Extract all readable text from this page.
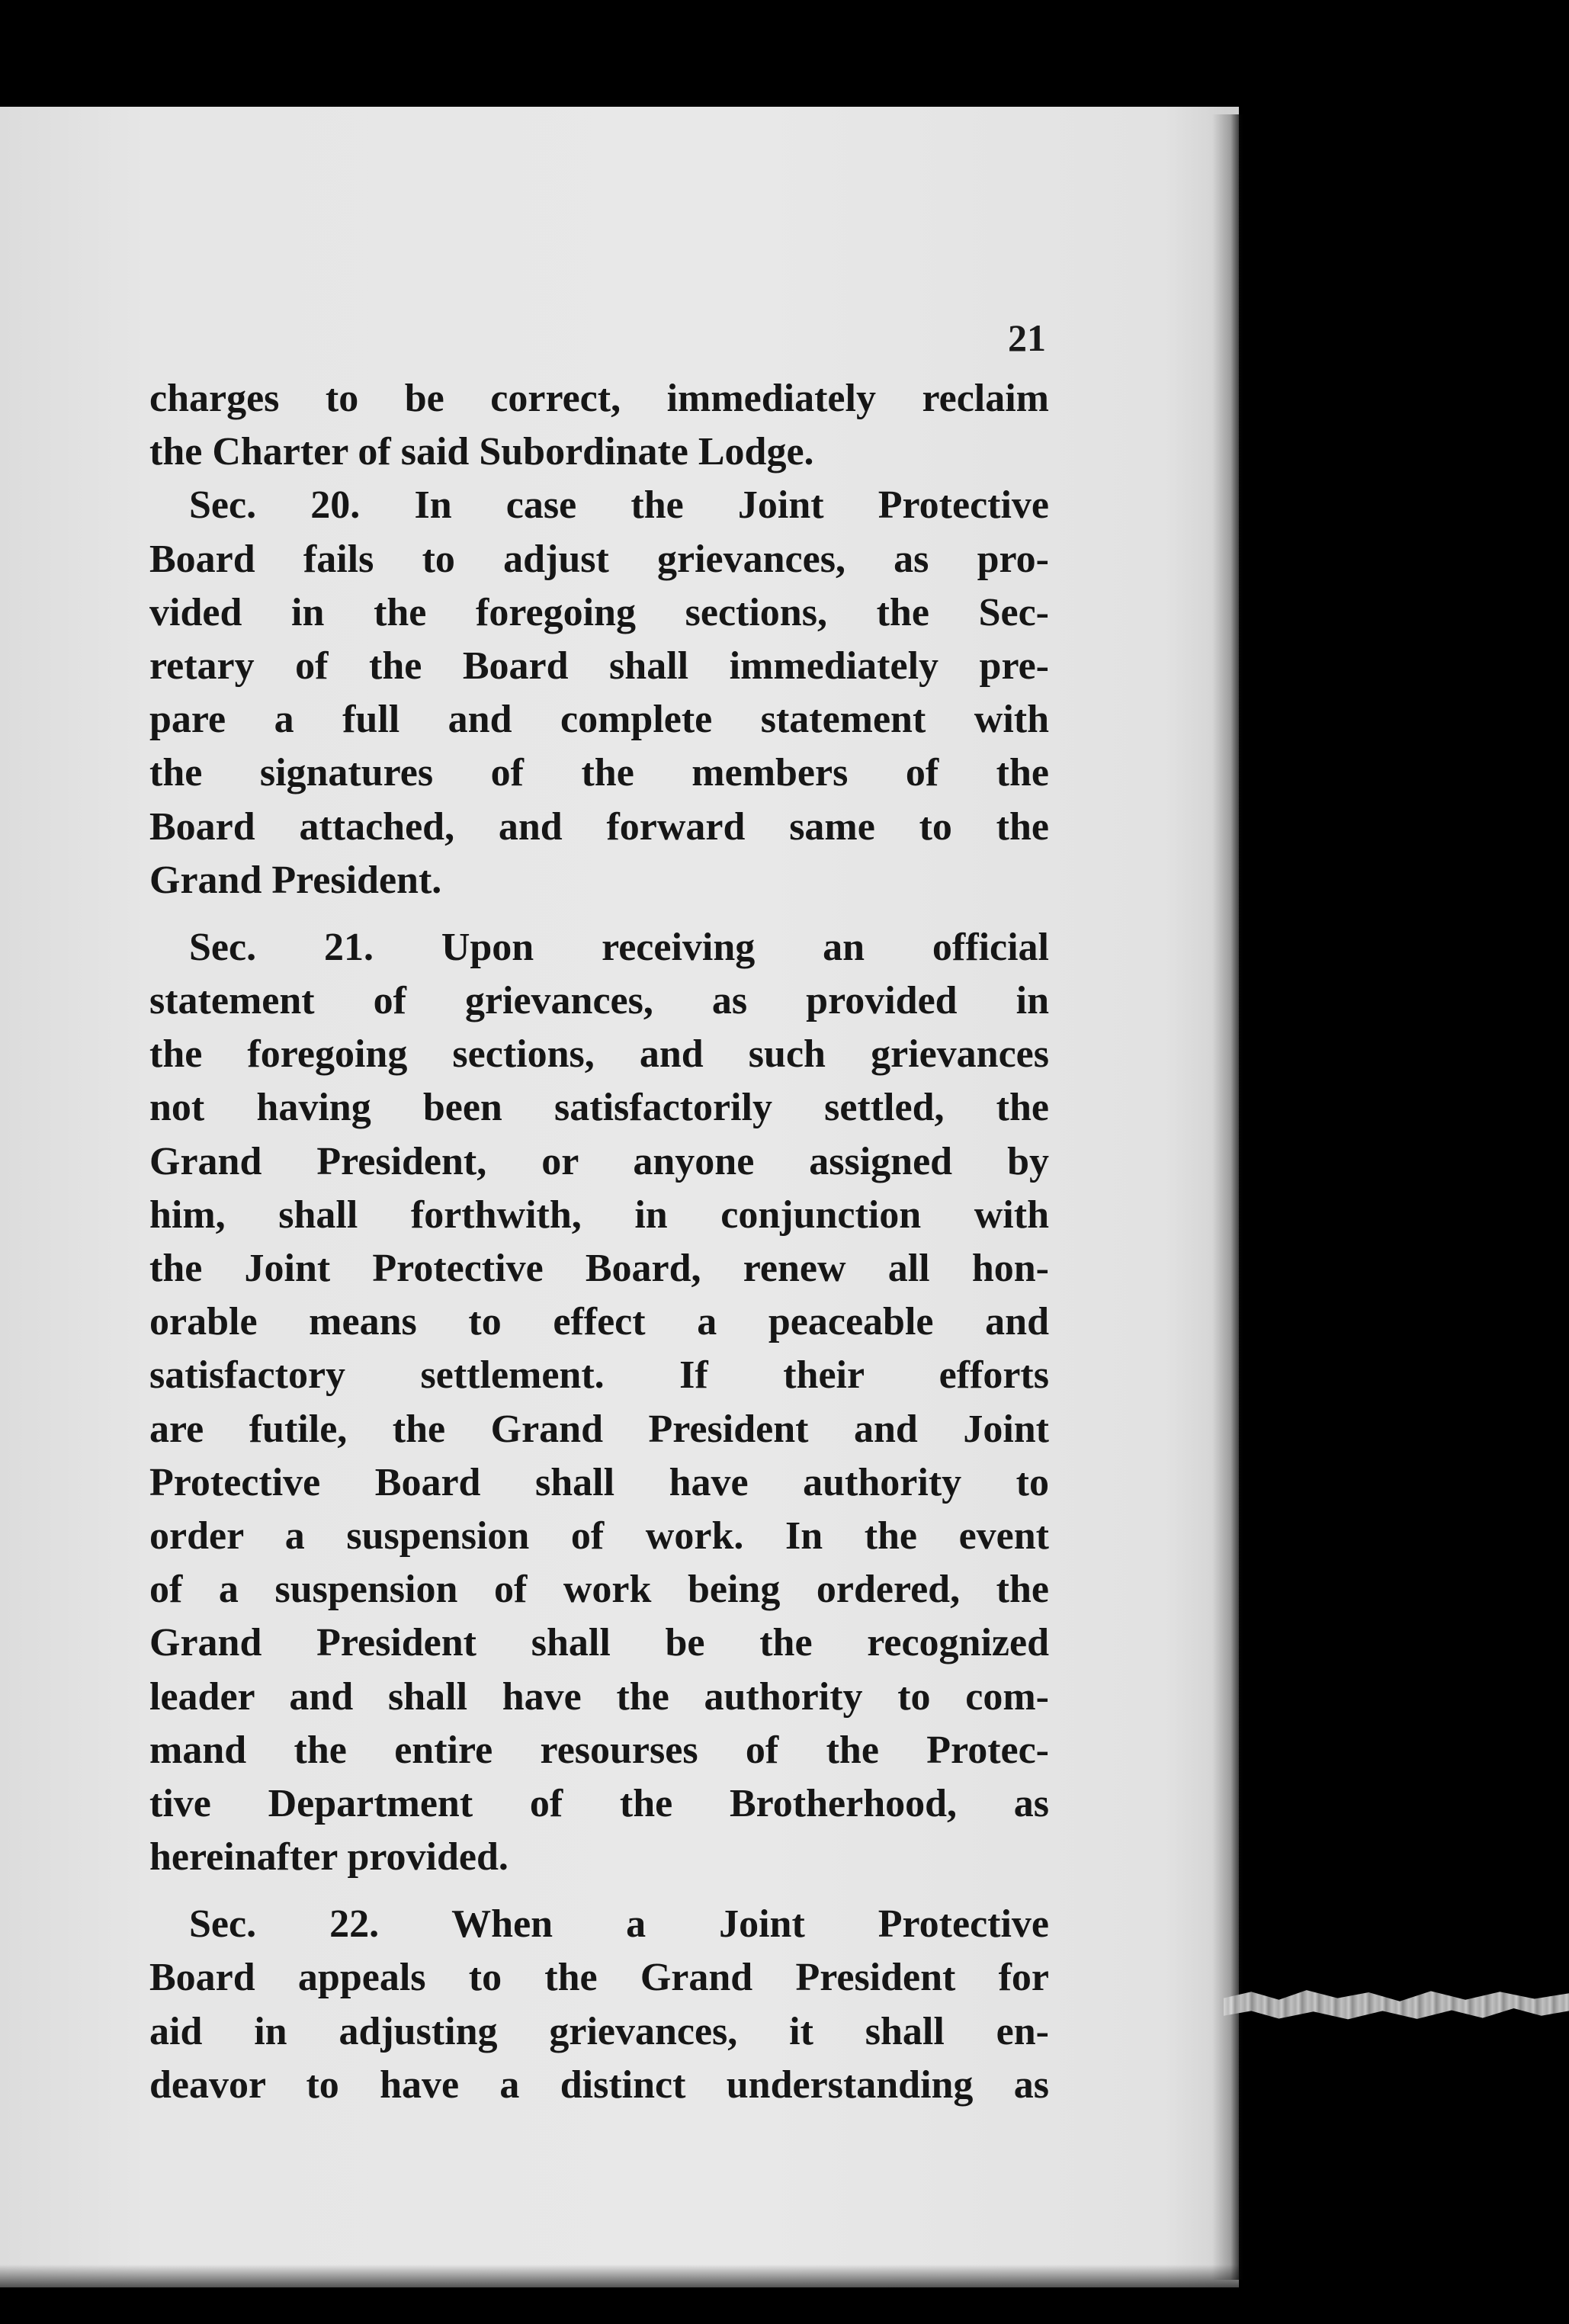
21
charges to be correct, immediately reclaim
the Charter of said Subordinate Lodge.
Sec. 20. In case the Joint Protective
Board fails to adjust grievances, as pro-
vided in the foregoing sections, the Sec-
retary of the Board shall immediately pre-
pare a full and complete statement with
the signatures of the members of the
Board attached, and forward same to the
Grand President.
Sec. 21. Upon receiving an official
statement of grievances, as provided in
the foregoing sections, and such grievances
not having been satisfactorily settled, the
Grand President, or anyone assigned by
him, shall forthwith, in conjunction with
the Joint Protective Board, renew all hon-
orable means to effect a peaceable and
satisfactory settlement. If their efforts
are futile, the Grand President and Joint
Protective Board shall have authority to
order a suspension of work. In the event
of a suspension of work being ordered, the
Grand President shall be the recognized
leader and shall have the authority to com-
mand the entire resourses of the Protec-
tive Department of the Brotherhood, as
hereinafter provided.
Sec. 22. When a Joint Protective
Board appeals to the Grand President for
aid in adjusting grievances, it shall en-
deavor to have a distinct understanding as
